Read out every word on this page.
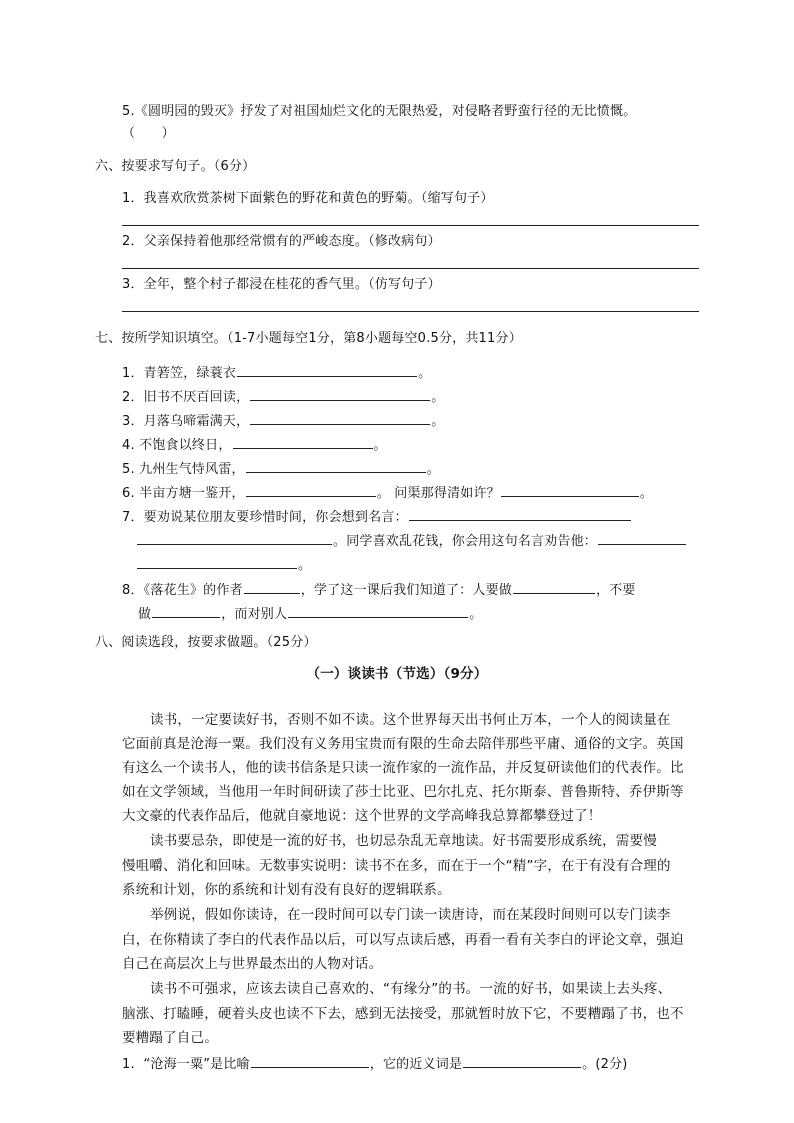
5.《圆明园的毁灭》抒发了对祖国灿烂文化的无限热爱，对侵略者野蛮行径的无比愤慨。
（　　）
六、按要求写句子。（6分）
1．我喜欢欣赏茶树下面紫色的野花和黄色的野菊。（缩写句子）
2．父亲保持着他那经常惯有的严峻态度。（修改病句）
3．全年，整个村子都浸在桂花的香气里。（仿写句子）
七、按所学知识填空。（1-7小题每空1分，第8小题每空0.5分，共11分）
1．青箬笠，绿蓑衣	。
2．旧书不厌百回读，	。
3．月落乌啼霜满天，	。
4. 不饱食以终日，	。
5. 九州生气恃风雷，	。
6. 半亩方塘一鉴开，	。 问渠那得清如许？	。
7．要劝说某位朋友要珍惜时间，你会想到名言：
。同学喜欢乱花钱，你会用这句名言劝告他：
。
8．《落花生》的作者	，学了这一课后我们知道了：人要做	，不要
做	，而对别人	。
八、阅读选段，按要求做题。（25分）
（一）谈读书（节选）（9分）
读书，一定要读好书，否则不如不读。这个世界每天出书何止万本，一个人的阅读量在
它面前真是沧海一粟。我们没有义务用宝贵而有限的生命去陪伴那些平庸、通俗的文字。英国
有这么一个读书人，他的读书信条是只读一流作家的一流作品，并反复研读他们的代表作。比
如在文学领域，当他用一年时间研读了莎士比亚、巴尔扎克、托尔斯泰、普鲁斯特、乔伊斯等
大文豪的代表作品后，他就自豪地说：这个世界的文学高峰我总算都攀登过了！
读书要忌杂，即使是一流的好书，也切忌杂乱无章地读。好书需要形成系统，需要慢
慢咀嚼、消化和回味。无数事实说明：读书不在多，而在于一个“精”字，在于有没有合理的
系统和计划，你的系统和计划有没有良好的逻辑联系。
举例说，假如你读诗，在一段时间可以专门读一读唐诗，而在某段时间则可以专门读李
白，在你精读了李白的代表作品以后，可以写点读后感，再看一看有关李白的评论文章，强迫
自己在高层次上与世界最杰出的人物对话。
读书不可强求，应该去读自己喜欢的、“有缘分”的书。一流的好书，如果读上去头疼、
脑涨、打瞌睡，硬着头皮也读不下去，感到无法接受，那就暂时放下它，不要糟蹋了书，也不
要糟蹋了自己。
1.  “沧海一粟”是比喻	，它的近义词是	。(2分)
